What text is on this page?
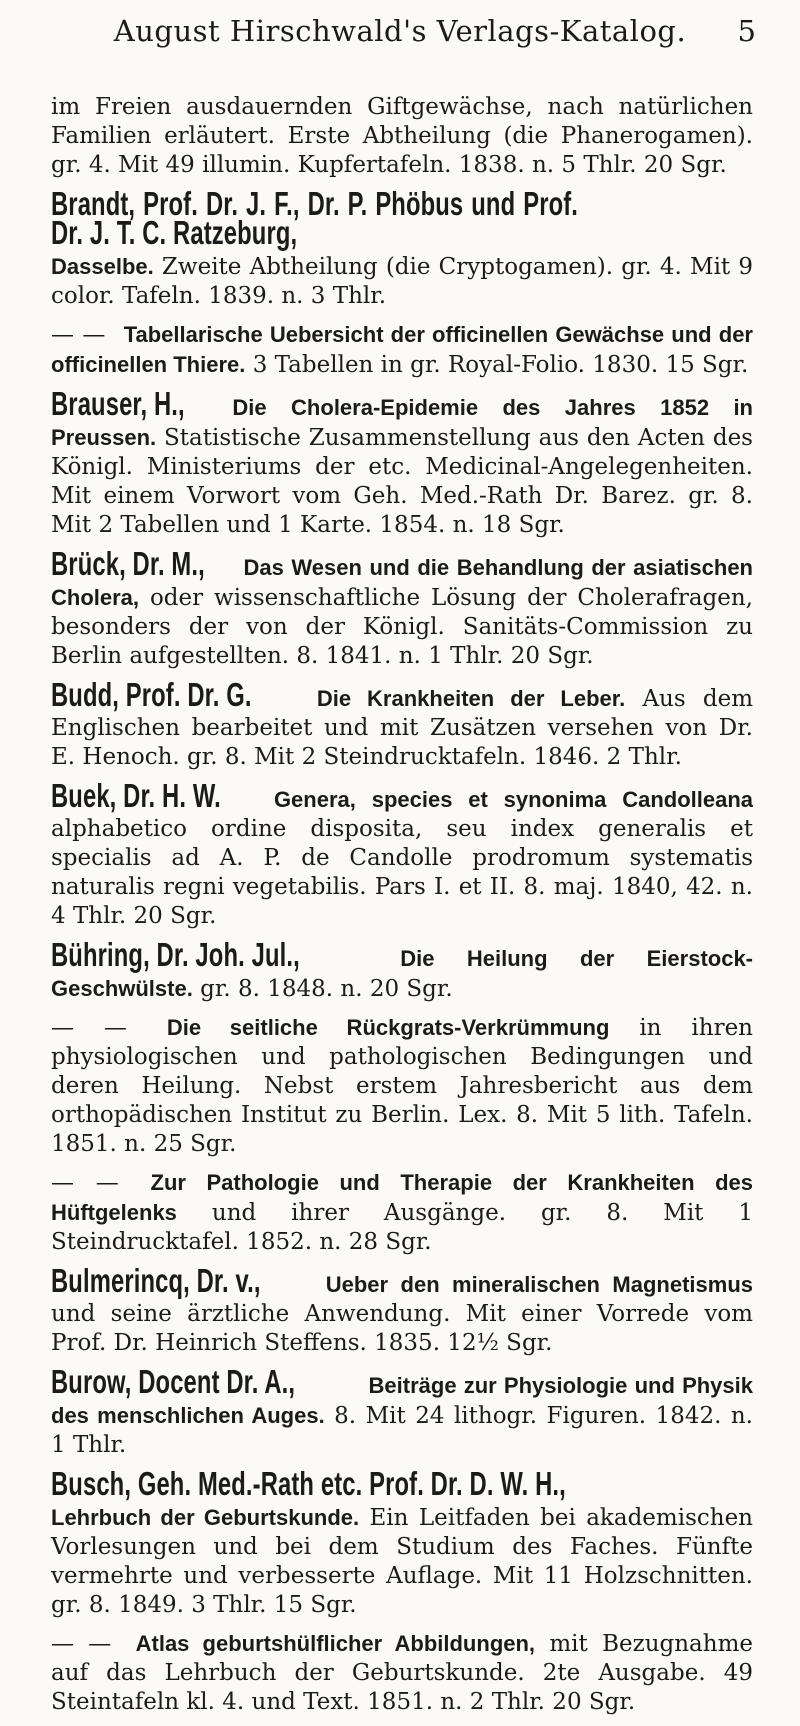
August Hirschwald's Verlags-Katalog.	5

im Freien ausdauernden Giftgewächse, nach natürlichen Familien erläutert. Erste Abtheilung (die Phanerogamen). gr. 4. Mit 49 illumin. Kupfertafeln. 1838. n. 5 Thlr. 20 Sgr.

Brandt, Prof. Dr. J. F., Dr. P. Phöbus und Prof. Dr. J. T. C. Ratzeburg, Dasselbe. Zweite Abtheilung (die Cryptogamen). gr. 4. Mit 9 color. Tafeln. 1839. n. 3 Thlr.

— — Tabellarische Uebersicht der officinellen Gewächse und der officinellen Thiere. 3 Tabellen in gr. Royal-Folio. 1830. 15 Sgr.

Brauser, H., Die Cholera-Epidemie des Jahres 1852 in Preussen. Statistische Zusammenstellung aus den Acten des Königl. Ministeriums der etc. Medicinal-Angelegenheiten. Mit einem Vorwort vom Geh. Med.-Rath Dr. Barez. gr. 8. Mit 2 Tabellen und 1 Karte. 1854. n. 18 Sgr.

Brück, Dr. M., Das Wesen und die Behandlung der asiatischen Cholera, oder wissenschaftliche Lösung der Cholerafragen, besonders der von der Königl. Sanitäts-Commission zu Berlin aufgestellten. 8. 1841. n. 1 Thlr. 20 Sgr.

Budd, Prof. Dr. G.	Die Krankheiten der Leber. Aus dem Englischen bearbeitet und mit Zusätzen versehen von Dr. E. Henoch. gr. 8. Mit 2 Steindrucktafeln. 1846. 2 Thlr.

Buek, Dr. H. W. Genera, species et synonima Candolleana alphabetico ordine disposita, seu index generalis et specialis ad A. P. de Candolle prodromum systematis naturalis regni vegetabilis. Pars I. et II. 8. maj. 1840, 42. n. 4 Thlr. 20 Sgr.

Bühring, Dr. Joh. Jul.,	Die Heilung der Eierstock-Geschwülste. gr. 8. 1848. n. 20 Sgr.

— — Die seitliche Rückgrats-Verkrümmung in ihren physiologischen und pathologischen Bedingungen und deren Heilung. Nebst erstem Jahresbericht aus dem orthopädischen Institut zu Berlin. Lex. 8. Mit 5 lith. Tafeln. 1851. n. 25 Sgr.

— — Zur Pathologie und Therapie der Krankheiten des Hüftgelenks und ihrer Ausgänge. gr. 8. Mit 1 Steindrucktafel. 1852. n. 28 Sgr.

Bulmerincq, Dr. v.,	Ueber den mineralischen Magnetismus und seine ärztliche Anwendung. Mit einer Vorrede vom Prof. Dr. Heinrich Steffens. 1835. 12½ Sgr.

Burow, Docent Dr. A.,	Beiträge zur Physiologie und Physik des menschlichen Auges. 8. Mit 24 lithogr. Figuren. 1842. n. 1 Thlr.

Busch, Geh. Med.-Rath etc. Prof. Dr. D. W. H., Lehrbuch der Geburtskunde. Ein Leitfaden bei akademischen Vorlesungen und bei dem Studium des Faches. Fünfte vermehrte und verbesserte Auflage. Mit 11 Holzschnitten. gr. 8. 1849. 3 Thlr. 15 Sgr.

— — Atlas geburtshülflicher Abbildungen, mit Bezugnahme auf das Lehrbuch der Geburtskunde. 2te Ausgabe. 49 Steintafeln kl. 4. und Text. 1851. n. 2 Thlr. 20 Sgr.
